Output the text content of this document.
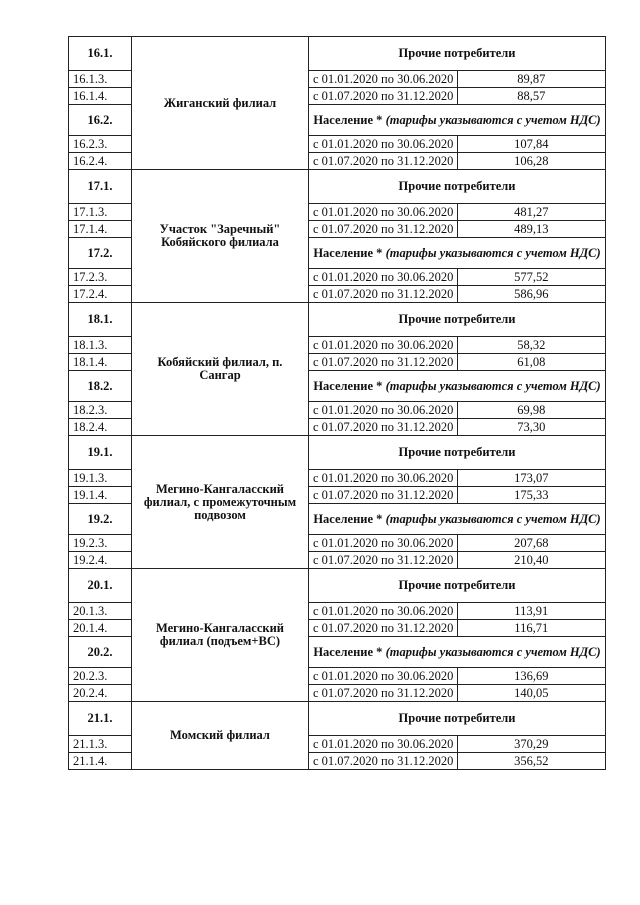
16.1.	Жиганский филиал	Прочие потребители	
16.1.3.		с 01.01.2020 по 30.06.2020	89,87
16.1.4.		с 01.07.2020 по 31.12.2020	88,57
16.2.		Население * (тарифы указываются с учетом НДС)	
16.2.3.		с 01.01.2020 по 30.06.2020	107,84
16.2.4.		с 01.07.2020 по 31.12.2020	106,28
17.1.	Участок "Заречный" Кобяйского филиала	Прочие потребители	
17.1.3.		с 01.01.2020 по 30.06.2020	481,27
17.1.4.		с 01.07.2020 по 31.12.2020	489,13
17.2.		Население * (тарифы указываются с учетом НДС)	
17.2.3.		с 01.01.2020 по 30.06.2020	577,52
17.2.4.		с 01.07.2020 по 31.12.2020	586,96
18.1.	Кобяйский филиал, п. Сангар	Прочие потребители	
18.1.3.		с 01.01.2020 по 30.06.2020	58,32
18.1.4.		с 01.07.2020 по 31.12.2020	61,08
18.2.		Население * (тарифы указываются с учетом НДС)	
18.2.3.		с 01.01.2020 по 30.06.2020	69,98
18.2.4.		с 01.07.2020 по 31.12.2020	73,30
19.1.	Мегино-Кангаласский филиал, с промежуточным подвозом	Прочие потребители	
19.1.3.		с 01.01.2020 по 30.06.2020	173,07
19.1.4.		с 01.07.2020 по 31.12.2020	175,33
19.2.		Население * (тарифы указываются с учетом НДС)	
19.2.3.		с 01.01.2020 по 30.06.2020	207,68
19.2.4.		с 01.07.2020 по 31.12.2020	210,40
20.1.	Мегино-Кангаласский филиал (подъем+ВС)	Прочие потребители	
20.1.3.		с 01.01.2020 по 30.06.2020	113,91
20.1.4.		с 01.07.2020 по 31.12.2020	116,71
20.2.		Население * (тарифы указываются с учетом НДС)	
20.2.3.		с 01.01.2020 по 30.06.2020	136,69
20.2.4.		с 01.07.2020 по 31.12.2020	140,05
21.1.	Момский филиал	Прочие потребители	
21.1.3.		с 01.01.2020 по 30.06.2020	370,29
21.1.4.		с 01.07.2020 по 31.12.2020	356,52
